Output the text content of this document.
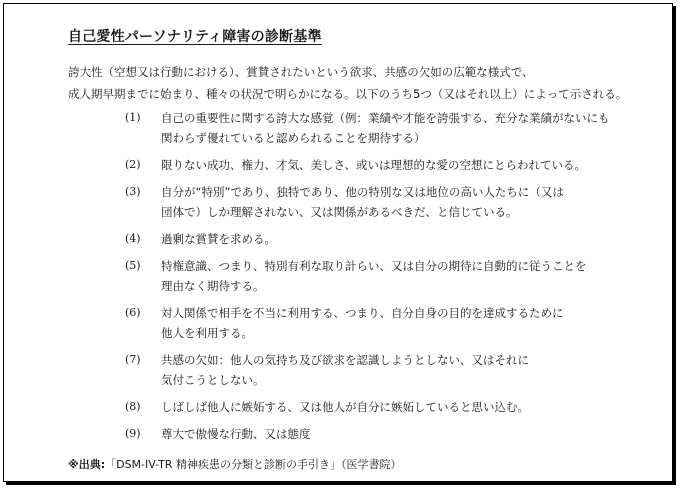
自己愛性パーソナリティ障害の診断基準
誇大性（空想又は行動における）、賞賛されたいという欲求、共感の欠如の広範な様式で、
成人期早期までに始まり、種々の状況で明らかになる。以下のうち5つ（又はそれ以上）によって示される。
(1)	自己の重要性に関する誇大な感覚（例：業績や才能を誇張する、充分な業績がないにも
関わらず優れていると認められることを期待する）
(2)	限りない成功、権力、才気、美しさ、或いは理想的な愛の空想にとらわれている。
(3)	自分が“特別”であり、独特であり、他の特別な又は地位の高い人たちに（又は
団体で）しか理解されない、又は関係があるべきだ、と信じている。
(4)	過剰な賞賛を求める。
(5)	特権意識、つまり、特別有利な取り計らい、又は自分の期待に自動的に従うことを
理由なく期待する。
(6)	対人関係で相手を不当に利用する、つまり、自分自身の目的を達成するために
他人を利用する。
(7)	共感の欠如：他人の気持ち及び欲求を認識しようとしない、又はそれに
気付こうとしない。
(8)	しばしば他人に嫉妬する、又は他人が自分に嫉妬していると思い込む。
(9)	尊大で傲慢な行動、又は態度
※出典:「DSM-IV-TR 精神疾患の分類と診断の手引き」（医学書院）
